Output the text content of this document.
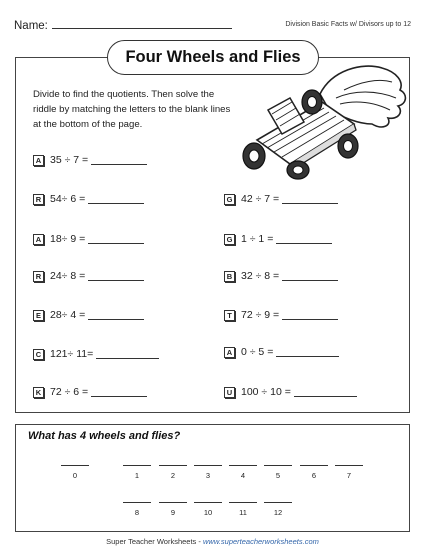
Name:	Division Basic Facts w/ Divisors up to 12
Four Wheels and Flies
Divide to find the quotients. Then solve the riddle by matching the letters to the blank lines at the bottom of the page.
A 35 ÷ 7 =
R 54÷ 6 =	G 42 ÷ 7 =
A 18÷ 9 =	G 1 ÷ 1 =
R 24÷ 8 =	B 32 ÷ 8 =
E 28÷ 4 =	T 72 ÷ 9 =
C 121÷ 11=	A 0 ÷ 5 =
K 72 ÷ 6 =	U 100 ÷ 10 =
What has 4 wheels and flies?
0	1	2	3	4	5	6	7
8	9	10	11	12
Super Teacher Worksheets - www.superteacherworksheets.com
